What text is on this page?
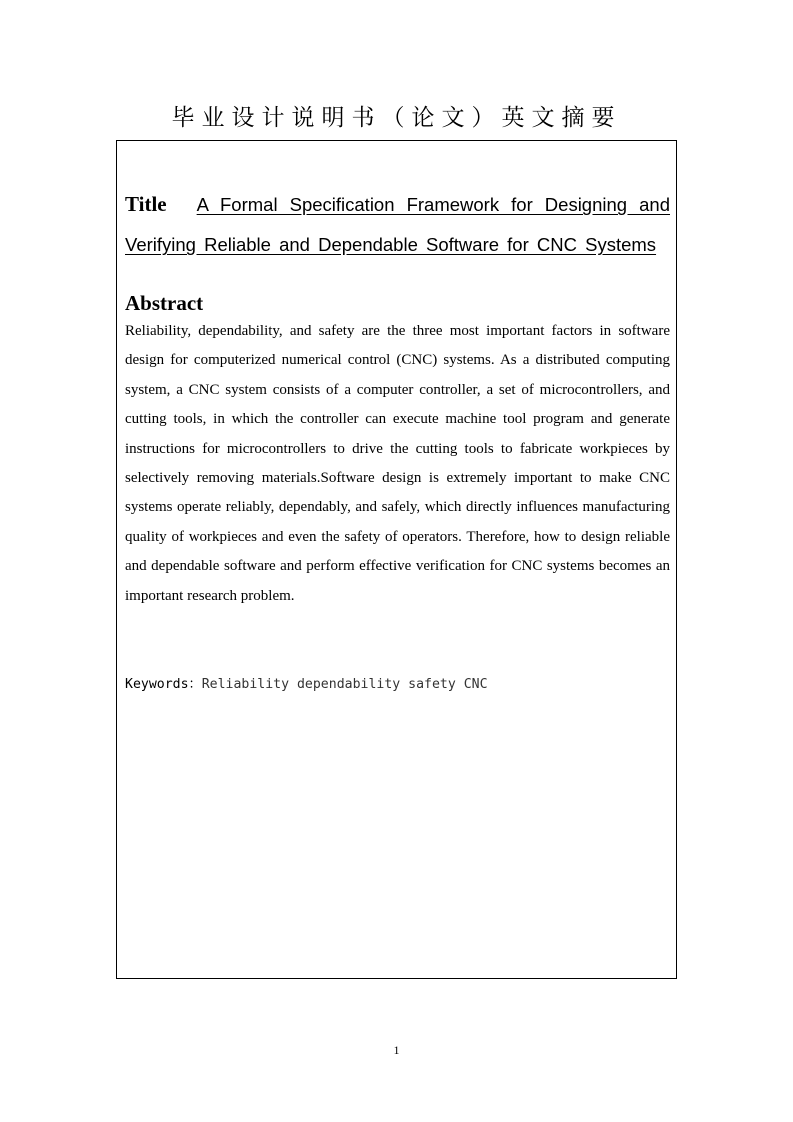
毕业设计说明书（论文）英文摘要
Title A Formal Specification Framework for Designing and Verifying Reliable and Dependable Software for CNC Systems
Abstract

Reliability, dependability, and safety are the three most important factors in software design for computerized numerical control (CNC) systems. As a distributed computing system, a CNC system consists of a computer controller, a set of microcontrollers, and cutting tools, in which the controller can execute machine tool program and generate instructions for microcontrollers to drive the cutting tools to fabricate workpieces by selectively removing materials.Software design is extremely important to make CNC systems operate reliably, dependably, and safely, which directly influences manufacturing quality of workpieces and even the safety of operators. Therefore, how to design reliable and dependable software and perform effective verification for CNC systems becomes an important research problem.

Keywords：Reliability dependability safety CNC
1
